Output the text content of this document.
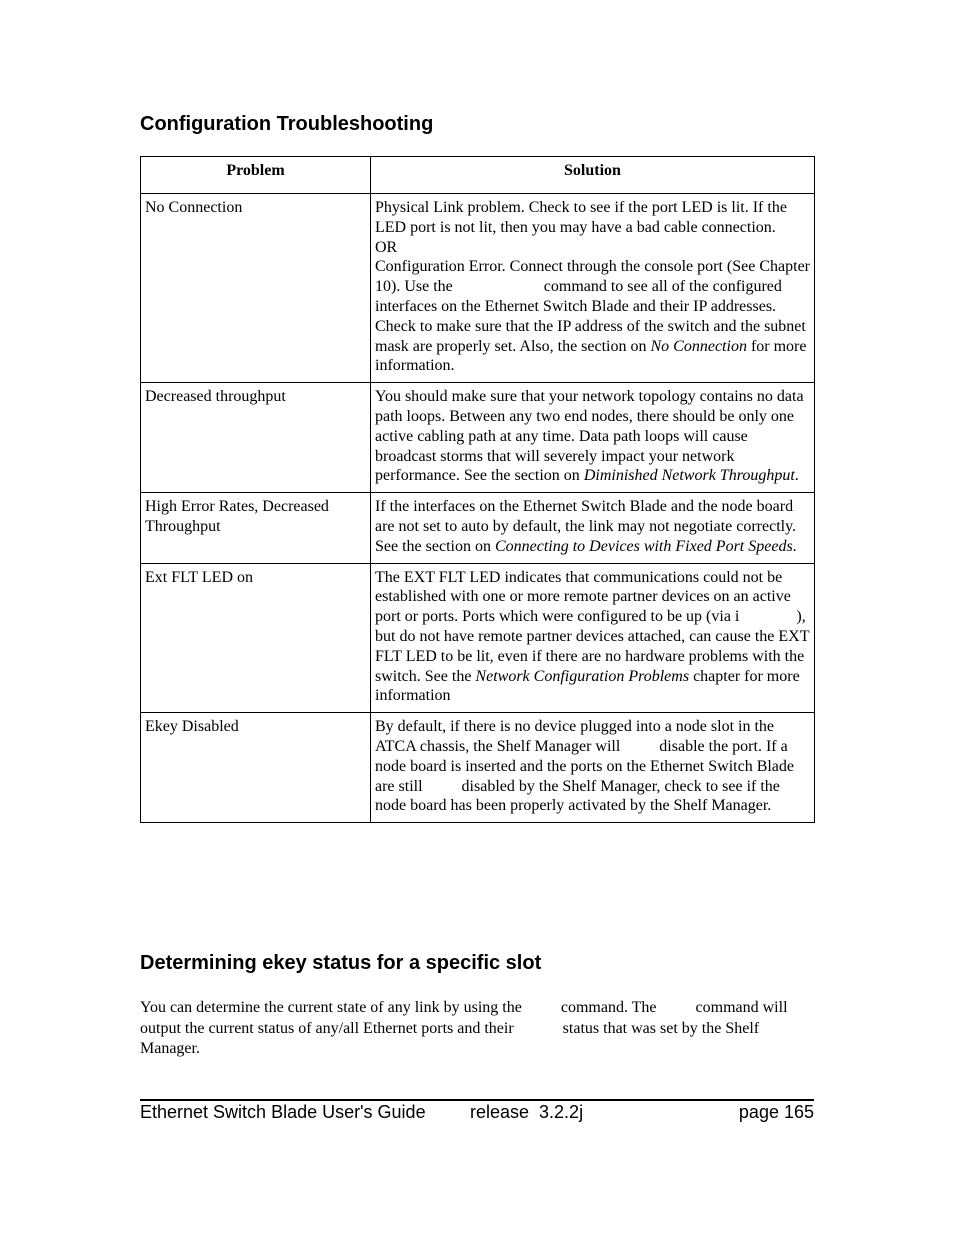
Configuration Troubleshooting
Problem	Solution
No Connection	Physical Link problem. Check to see if the port LED is lit. If the LED port is not lit, then you may have a bad cable connection.
OR
Configuration Error. Connect through the console port (See Chapter 10). Use the command to see all of the configured interfaces on the Ethernet Switch Blade and their IP addresses. Check to make sure that the IP address of the switch and the subnet mask are properly set. Also, the section on No Connection for more information.
Decreased throughput	You should make sure that your network topology contains no data path loops. Between any two end nodes, there should be only one active cabling path at any time. Data path loops will cause broadcast storms that will severely impact your network performance. See the section on Diminished Network Throughput.
High Error Rates, Decreased Throughput	If the interfaces on the Ethernet Switch Blade and the node board are not set to auto by default, the link may not negotiate correctly. See the section on Connecting to Devices with Fixed Port Speeds.
Ext FLT LED on	The EXT FLT LED indicates that communications could not be established with one or more remote partner devices on an active port or ports. Ports which were configured to be up (via i ), but do not have remote partner devices attached, can cause the EXT FLT LED to be lit, even if there are no hardware problems with the switch. See the Network Configuration Problems chapter for more information
Ekey Disabled	By default, if there is no device plugged into a node slot in the ATCA chassis, the Shelf Manager will disable the port. If a node board is inserted and the ports on the Ethernet Switch Blade are still disabled by the Shelf Manager, check to see if the node board has been properly activated by the Shelf Manager.
Determining ekey status for a specific slot

You can determine the current state of any link by using the command. The command will output the current status of any/all Ethernet ports and their	status that was set by the Shelf Manager.

Ethernet Switch Blade User's Guide release  3.2.2j	page 165
